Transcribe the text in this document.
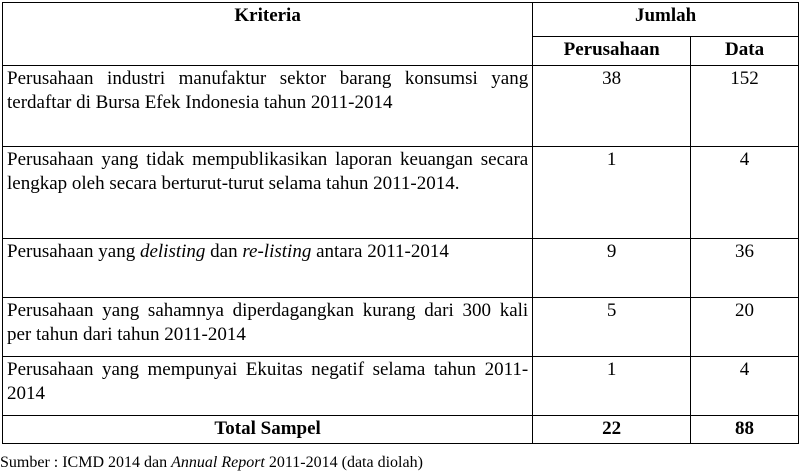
Kriteria	Jumlah	
	Perusahaan	Data
Perusahaan industri manufaktur sektor barang konsumsi yang terdaftar di Bursa Efek Indonesia tahun 2011-2014	38	152
Perusahaan yang tidak mempublikasikan laporan keuangan secara lengkap oleh secara berturut-turut selama tahun 2011-2014.	1	4
Perusahaan yang delisting dan re-listing antara 2011-2014	9	36
Perusahaan yang sahamnya diperdagangkan kurang dari 300 kali per tahun dari tahun 2011-2014	5	20
Perusahaan yang mempunyai Ekuitas negatif selama tahun 2011-2014	1	4
Total Sampel	22	88
Sumber : ICMD 2014 dan Annual Report 2011-2014 (data diolah)
